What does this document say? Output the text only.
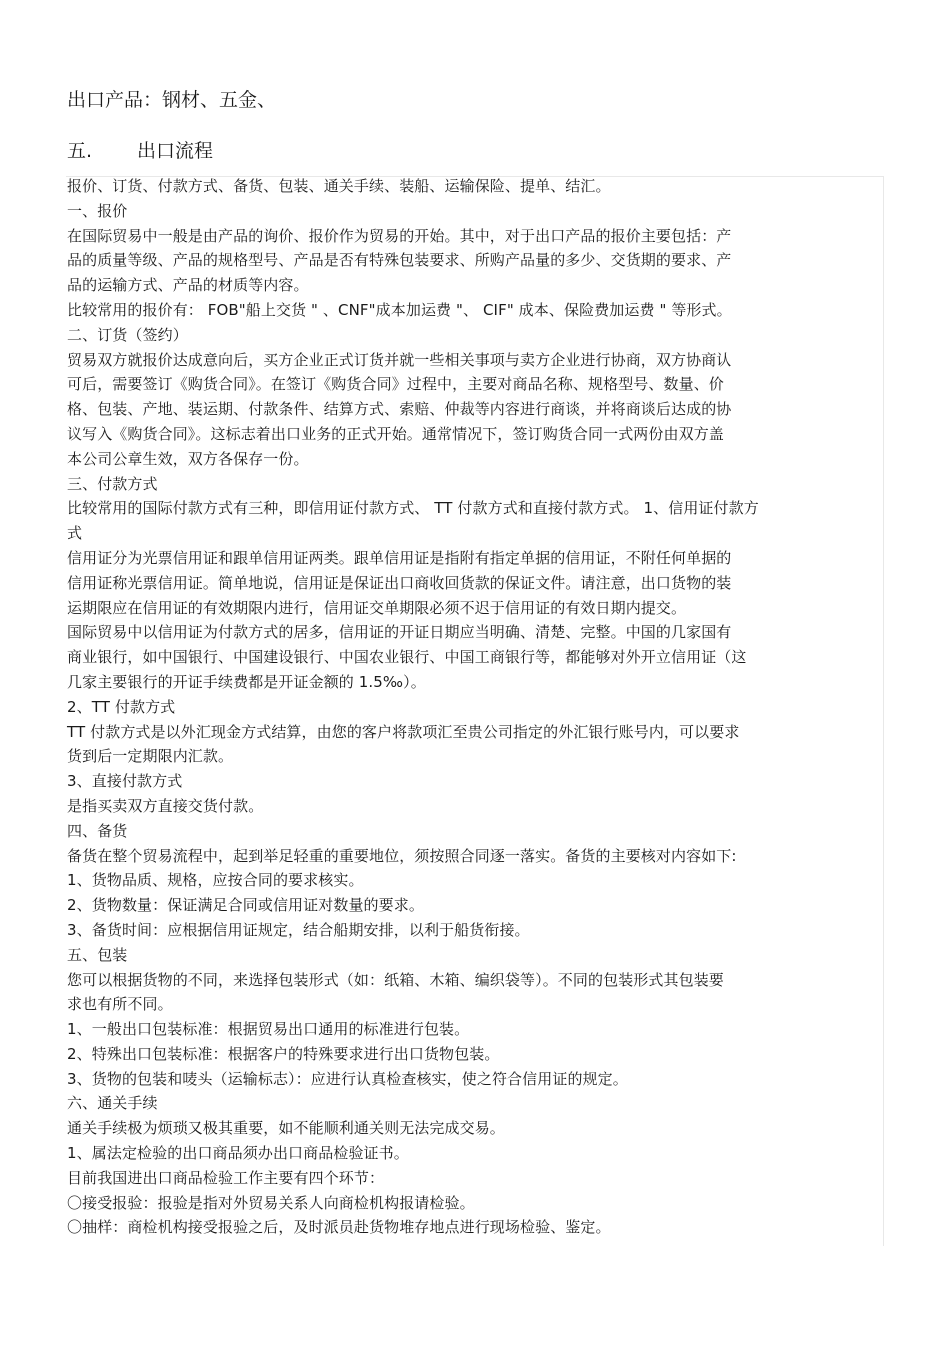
出口产品：钢材、五金、
五. 出口流程
报价、订货、付款方式、备货、包装、通关手续、装船、运输保险、提单、结汇。
一、报价
在国际贸易中一般是由产品的询价、报价作为贸易的开始。其中，对于出口产品的报价主要包括：产
品的质量等级、产品的规格型号、产品是否有特殊包装要求、所购产品量的多少、交货期的要求、产
品的运输方式、产品的材质等内容。
比较常用的报价有： FOB"船上交货 " 、CNF"成本加运费 "、 CIF" 成本、保险费加运费 " 等形式。
二、订货（签约）
贸易双方就报价达成意向后，买方企业正式订货并就一些相关事项与卖方企业进行协商，双方协商认
可后，需要签订《购货合同》。在签订《购货合同》过程中，主要对商品名称、规格型号、数量、价
格、包装、产地、装运期、付款条件、结算方式、索赔、仲裁等内容进行商谈，并将商谈后达成的协
议写入《购货合同》。这标志着出口业务的正式开始。通常情况下，签订购货合同一式两份由双方盖
本公司公章生效，双方各保存一份。
三、付款方式
比较常用的国际付款方式有三种，即信用证付款方式、 TT 付款方式和直接付款方式。 1、信用证付款方
式
信用证分为光票信用证和跟单信用证两类。跟单信用证是指附有指定单据的信用证，不附任何单据的
信用证称光票信用证。简单地说，信用证是保证出口商收回货款的保证文件。请注意，出口货物的装
运期限应在信用证的有效期限内进行，信用证交单期限必须不迟于信用证的有效日期内提交。
国际贸易中以信用证为付款方式的居多，信用证的开证日期应当明确、清楚、完整。中国的几家国有
商业银行，如中国银行、中国建设银行、中国农业银行、中国工商银行等，都能够对外开立信用证（这
几家主要银行的开证手续费都是开证金额的 1.5‰）。
2、TT 付款方式
TT 付款方式是以外汇现金方式结算，由您的客户将款项汇至贵公司指定的外汇银行账号内，可以要求
货到后一定期限内汇款。
3、直接付款方式
是指买卖双方直接交货付款。
四、备货
备货在整个贸易流程中，起到举足轻重的重要地位，须按照合同逐一落实。备货的主要核对内容如下:
1、货物品质、规格，应按合同的要求核实。
2、货物数量：保证满足合同或信用证对数量的要求。
3、备货时间：应根据信用证规定，结合船期安排，以利于船货衔接。
五、包装
您可以根据货物的不同，来选择包装形式（如：纸箱、木箱、编织袋等）。不同的包装形式其包装要
求也有所不同。
1、一般出口包装标准：根据贸易出口通用的标准进行包装。
2、特殊出口包装标准：根据客户的特殊要求进行出口货物包装。
3、货物的包装和唛头（运输标志）：应进行认真检查核实，使之符合信用证的规定。
六、通关手续
通关手续极为烦琐又极其重要，如不能顺利通关则无法完成交易。
1、属法定检验的出口商品须办出口商品检验证书。
目前我国进出口商品检验工作主要有四个环节：
〇接受报验：报验是指对外贸易关系人向商检机构报请检验。
〇抽样：商检机构接受报验之后，及时派员赴货物堆存地点进行现场检验、鉴定。
